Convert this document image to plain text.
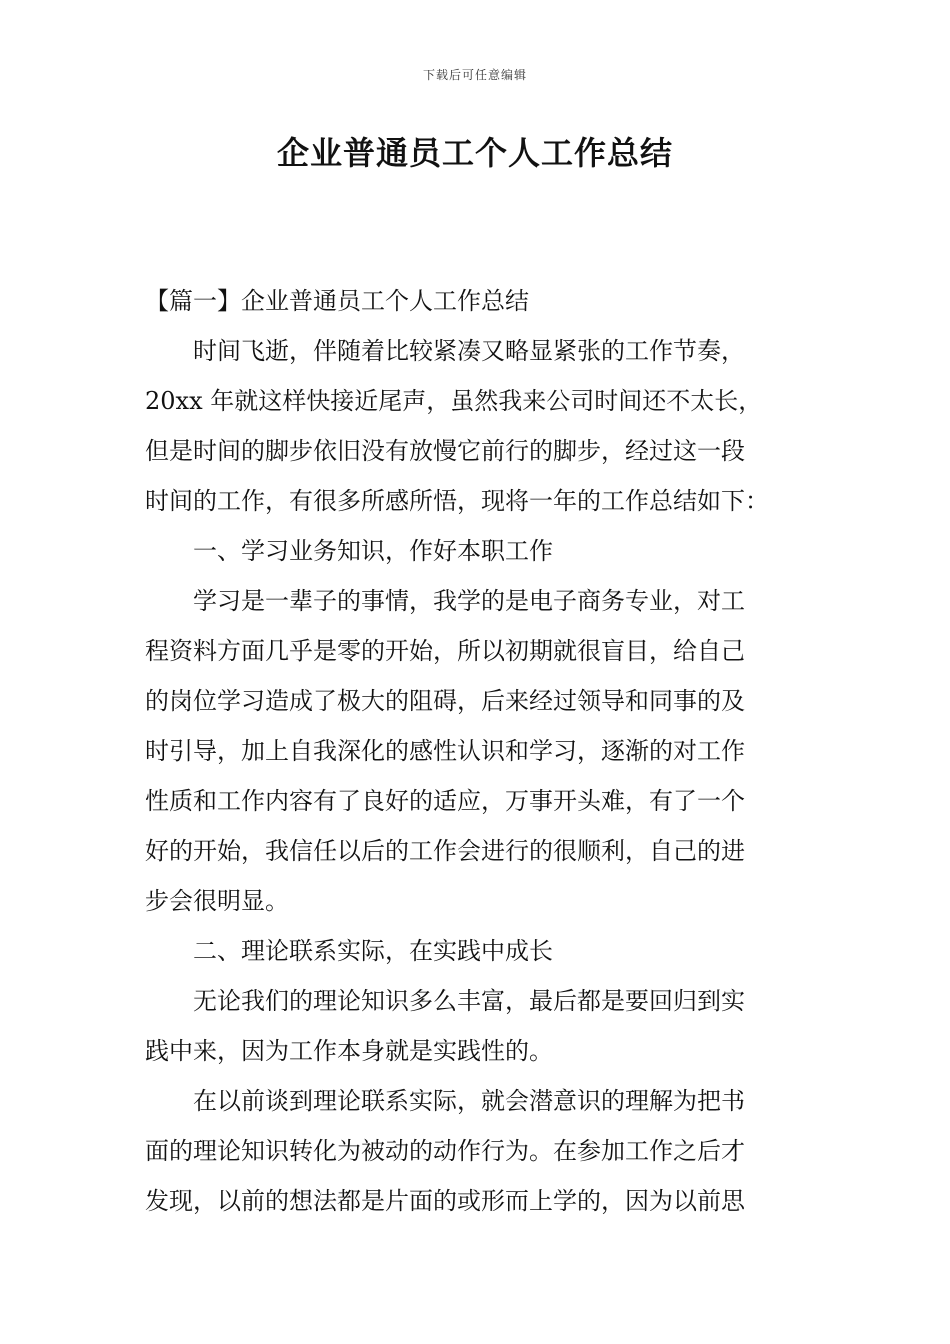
下载后可任意编辑
企业普通员工个人工作总结

【篇一】企业普通员工个人工作总结

时间飞逝，伴随着比较紧凑又略显紧张的工作节奏，
20xx 年就这样快接近尾声，虽然我来公司时间还不太长，
但是时间的脚步依旧没有放慢它前行的脚步，经过这一段
时间的工作，有很多所感所悟，现将一年的工作总结如下：

一、学习业务知识，作好本职工作

学习是一辈子的事情，我学的是电子商务专业，对工
程资料方面几乎是零的开始，所以初期就很盲目，给自己
的岗位学习造成了极大的阻碍，后来经过领导和同事的及
时引导，加上自我深化的感性认识和学习，逐渐的对工作
性质和工作内容有了良好的适应，万事开头难，有了一个
好的开始，我信任以后的工作会进行的很顺利，自己的进
步会很明显。

二、理论联系实际，在实践中成长

无论我们的理论知识多么丰富，最后都是要回归到实
践中来，因为工作本身就是实践性的。

在以前谈到理论联系实际，就会潜意识的理解为把书
面的理论知识转化为被动的动作行为。在参加工作之后才
发现，以前的想法都是片面的或形而上学的，因为以前思
